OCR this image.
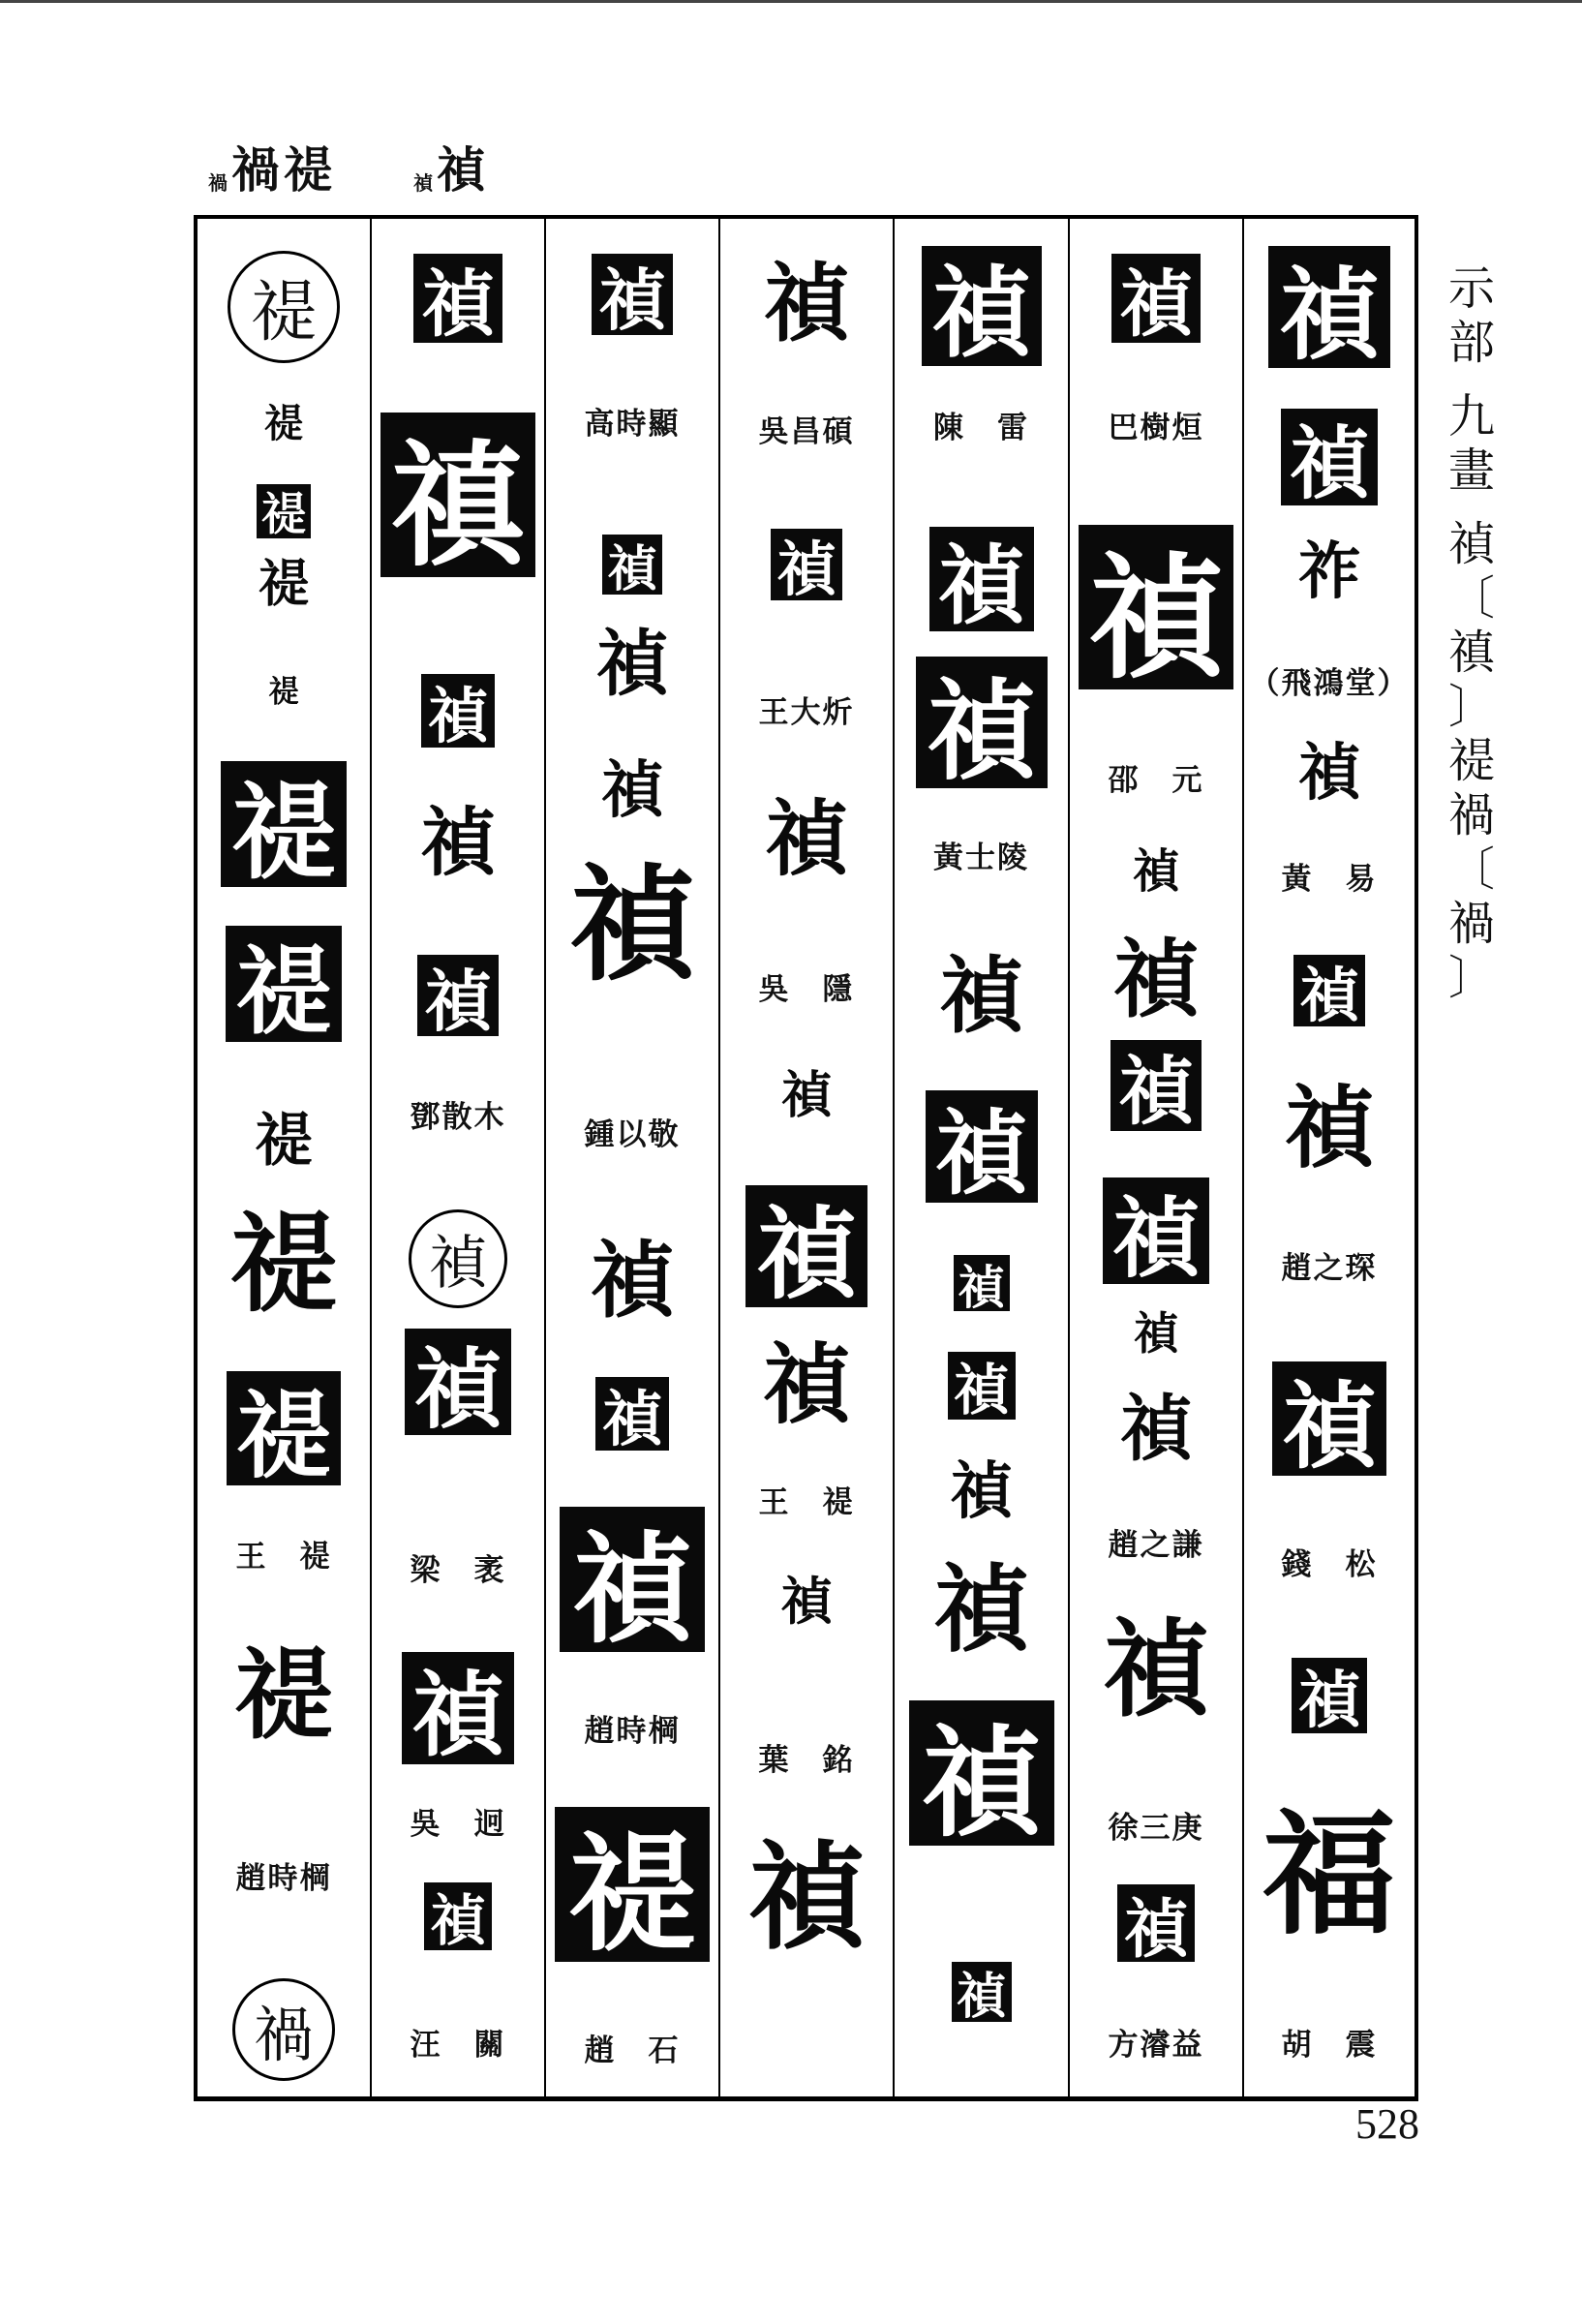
禍 禍禔	禎 禎
禔
禔
禔
禔
禔
禔
禔
禔
禔
禔
王　禔
禔
趙時棡
禍
禎
禛
禎
禎
禎
鄧散木
禎
禎
梁　袤
禎
吳　迥
禎
汪　關
禎
高時顯
禎
禎
禎
禎
鍾以敬
禎
禎
禎
趙時棡
禔
趙　石
禎
吳昌碩
禎
王大炘
禎
吳　隱
禎
禎
禎
王　禔
禎
葉　銘
禎
禎
陳　雷
禎
禎
黃士陵
禎
禎
禎
禎
禎
禎
禎
禎
禎
巴樹烜
禎
邵　元
禎
禎
禎
禎
禎
禎
趙之謙
禎
徐三庚
禎
方濬益
禎
禎
祚
（飛鴻堂）
禎
黃　易
禎
禎
趙之琛
禎
錢　松
禎
福
胡　震
示
部
九
畫
禎
〔
禛
〕
禔
禍
〔
禍
〕
528
